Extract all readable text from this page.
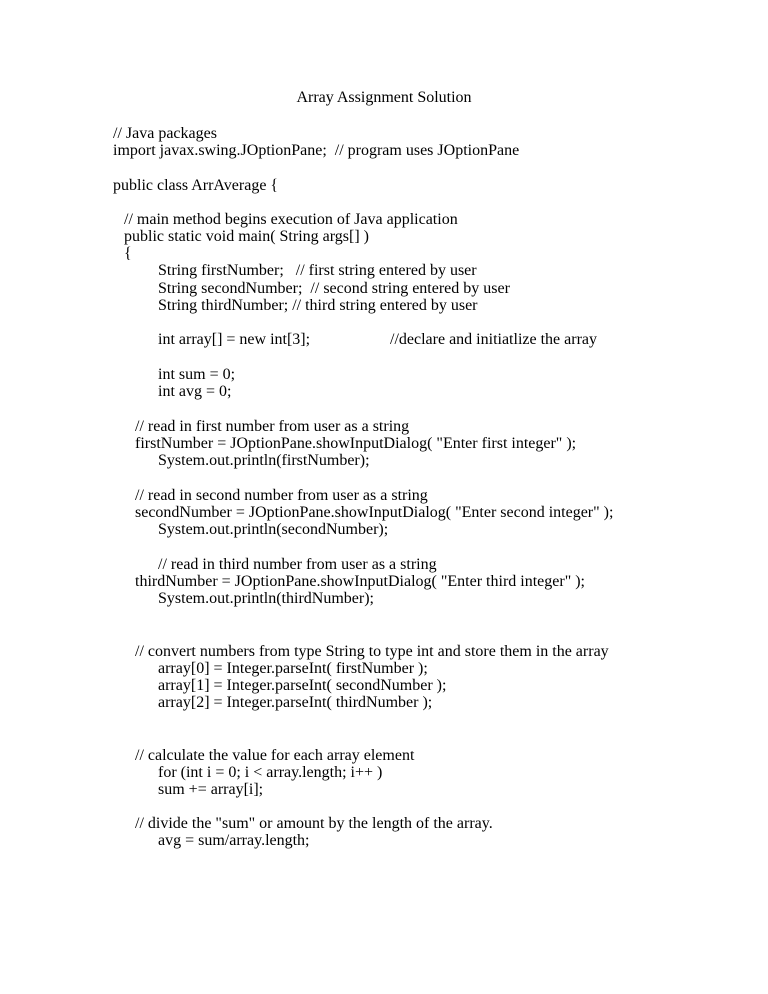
Array Assignment Solution
// Java packages
import javax.swing.JOptionPane;  // program uses JOptionPane
public class ArrAverage {
// main method begins execution of Java application
public static void main( String args[] )
{
String firstNumber;   // first string entered by user
String secondNumber;  // second string entered by user
String thirdNumber; // third string entered by user
int array[] = new int[3];	//declare and initiatlize the array
int sum = 0;
int avg = 0;
// read in first number from user as a string
firstNumber = JOptionPane.showInputDialog( "Enter first integer" );
System.out.println(firstNumber);
// read in second number from user as a string
secondNumber = JOptionPane.showInputDialog( "Enter second integer" );
System.out.println(secondNumber);
// read in third number from user as a string
thirdNumber = JOptionPane.showInputDialog( "Enter third integer" );
System.out.println(thirdNumber);
// convert numbers from type String to type int and store them in the array
array[0] = Integer.parseInt( firstNumber );
array[1] = Integer.parseInt( secondNumber );
array[2] = Integer.parseInt( thirdNumber );
// calculate the value for each array element
for (int i = 0; i < array.length; i++ )
sum += array[i];
// divide the "sum" or amount by the length of the array.
avg = sum/array.length;
